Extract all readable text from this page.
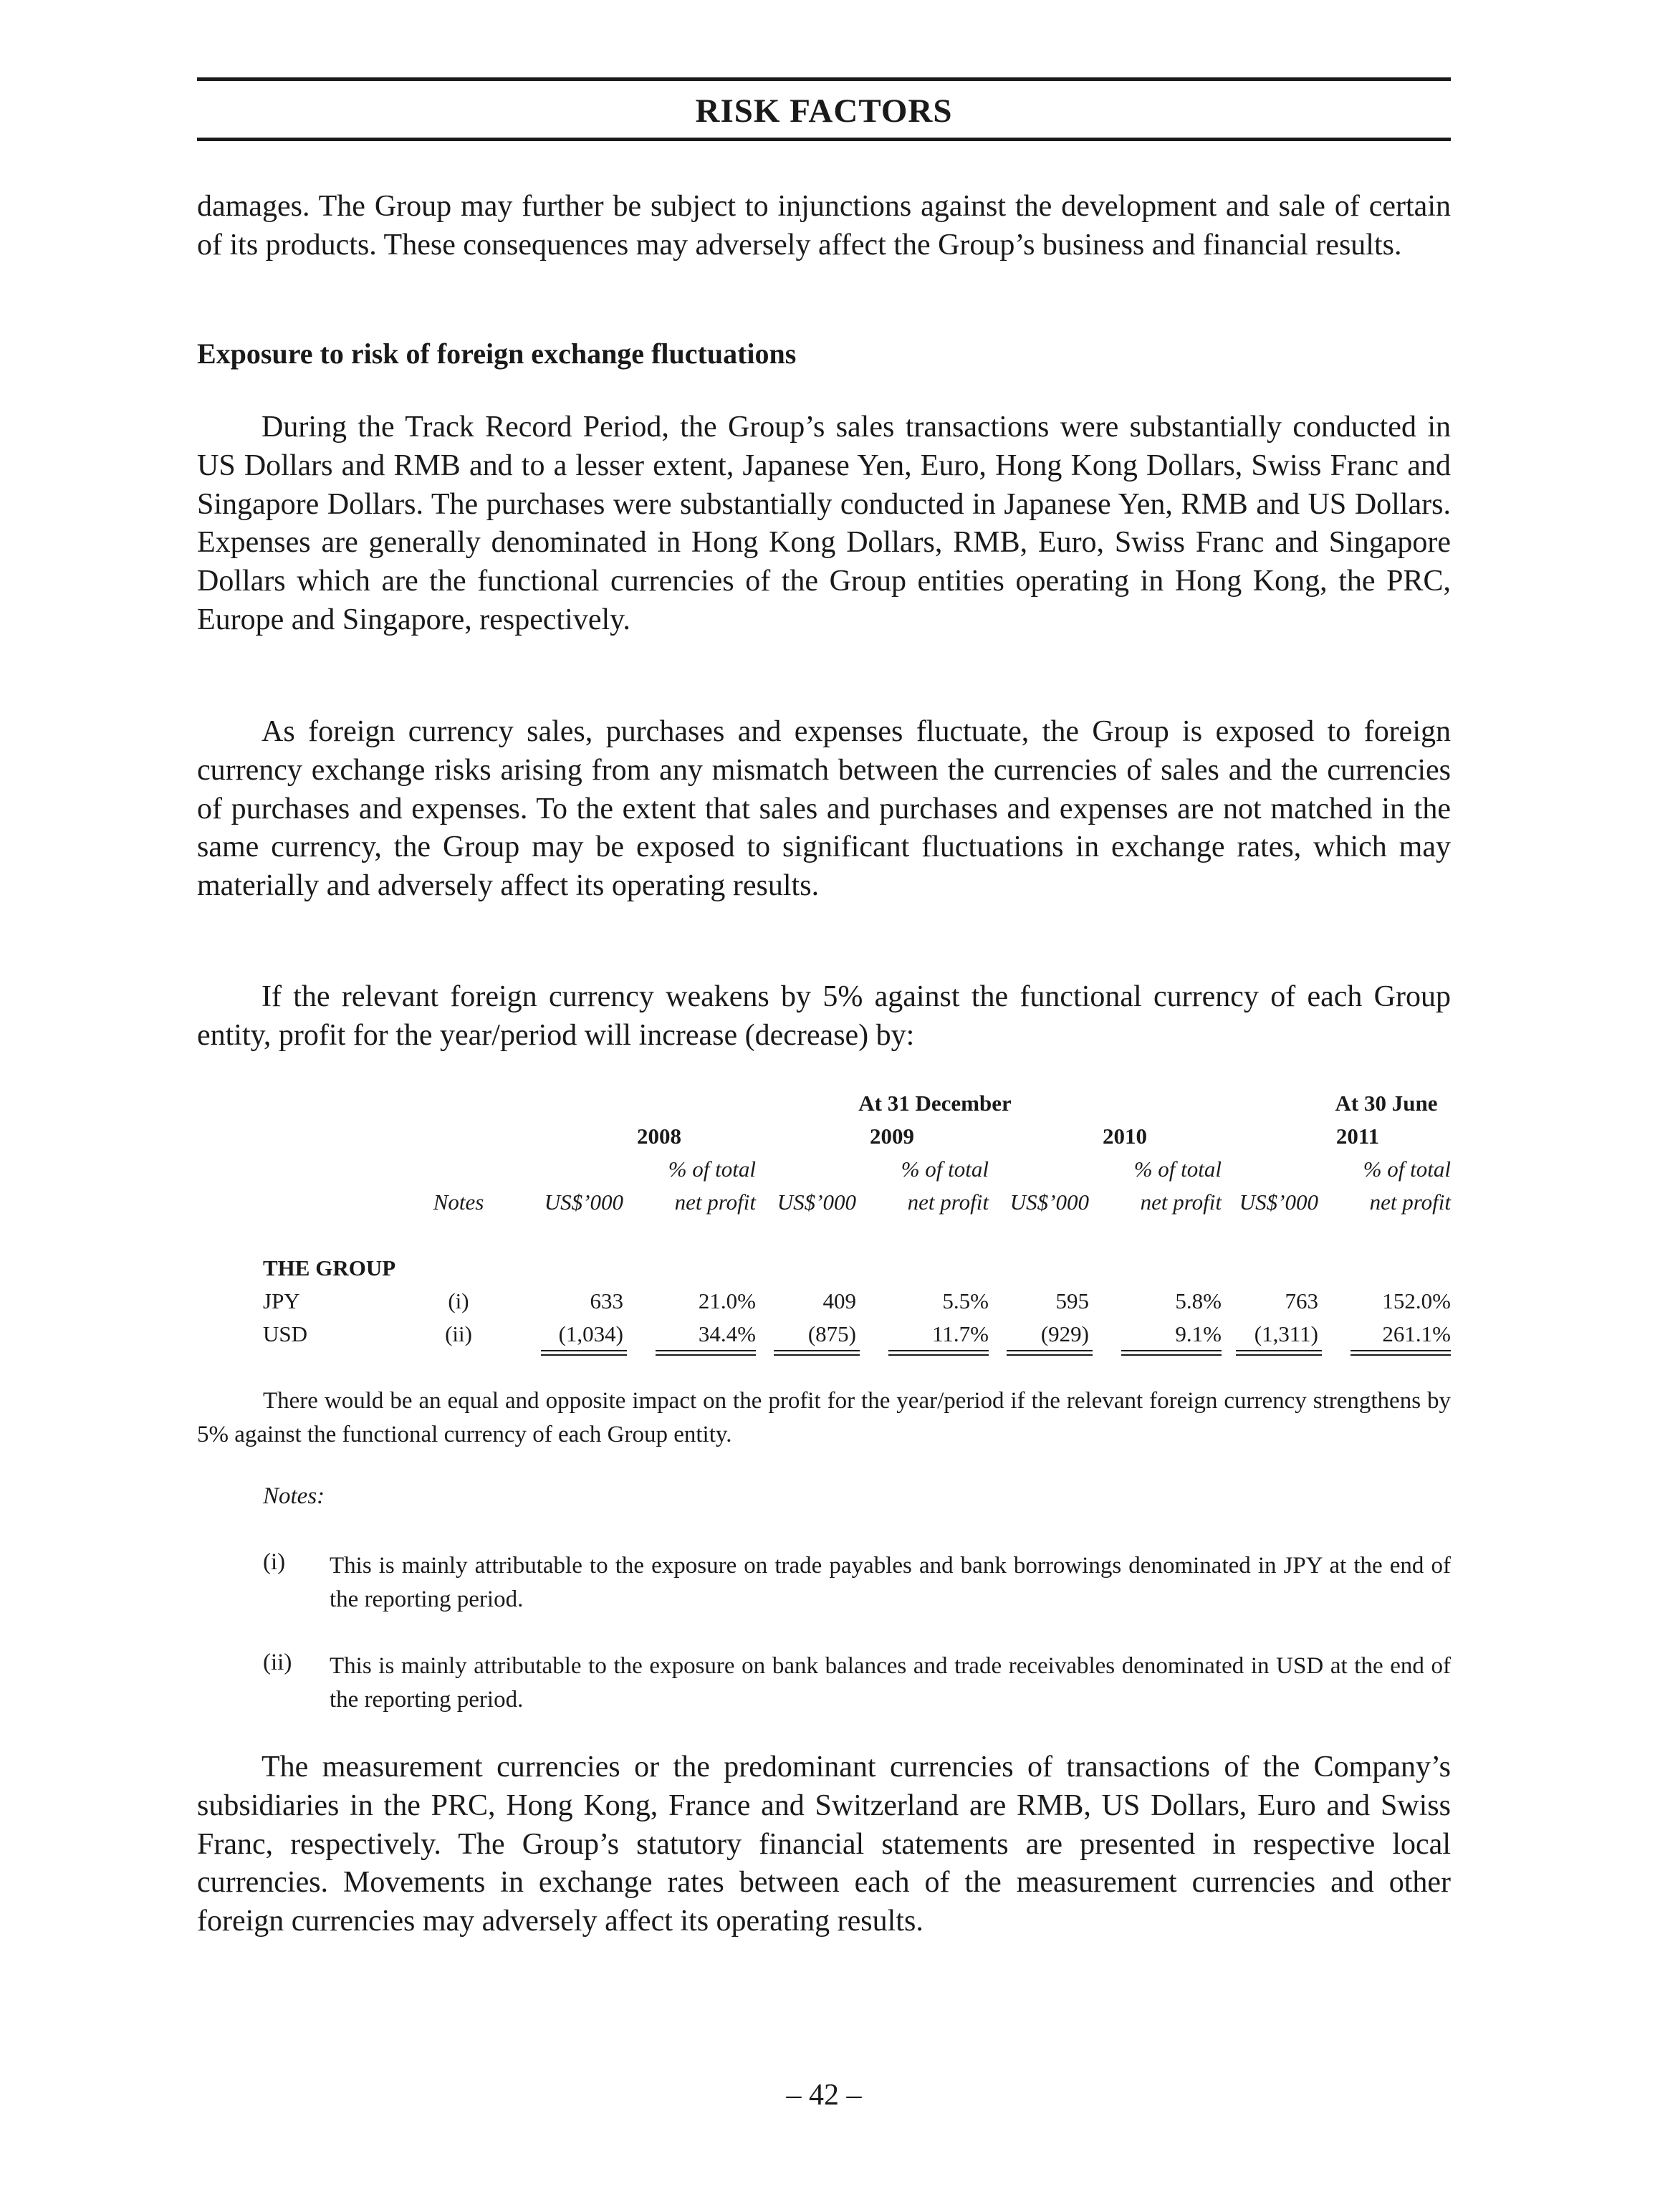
RISK FACTORS
damages. The Group may further be subject to injunctions against the development and sale of certain of its products. These consequences may adversely affect the Group’s business and financial results.
Exposure to risk of foreign exchange fluctuations
During the Track Record Period, the Group’s sales transactions were substantially conducted in US Dollars and RMB and to a lesser extent, Japanese Yen, Euro, Hong Kong Dollars, Swiss Franc and Singapore Dollars. The purchases were substantially conducted in Japanese Yen, RMB and US Dollars. Expenses are generally denominated in Hong Kong Dollars, RMB, Euro, Swiss Franc and Singapore Dollars which are the functional currencies of the Group entities operating in Hong Kong, the PRC, Europe and Singapore, respectively.
As foreign currency sales, purchases and expenses fluctuate, the Group is exposed to foreign currency exchange risks arising from any mismatch between the currencies of sales and the currencies of purchases and expenses. To the extent that sales and purchases and expenses are not matched in the same currency, the Group may be exposed to significant fluctuations in exchange rates, which may materially and adversely affect its operating results.
If the relevant foreign currency weakens by 5% against the functional currency of each Group entity, profit for the year/period will increase (decrease) by:
At 31 December	At 30 June
2008	2009	2010	2011
% of total	% of total	% of total	% of total
Notes	US$’000	net profit US$’000	net profit US$’000	net profit US$’000	net profit
THE GROUP
JPY	(i)	633	21.0%	409	5.5%	595	5.8%	763	152.0%
USD	(ii)	(1,034)	34.4%	(875)	11.7%	(929)	9.1%	(1,311)	261.1%
There would be an equal and opposite impact on the profit for the year/period if the relevant foreign currency strengthens by 5% against the functional currency of each Group entity.
Notes:
(i) This is mainly attributable to the exposure on trade payables and bank borrowings denominated in JPY at the end of the reporting period.
(ii) This is mainly attributable to the exposure on bank balances and trade receivables denominated in USD at the end of the reporting period.
The measurement currencies or the predominant currencies of transactions of the Company’s subsidiaries in the PRC, Hong Kong, France and Switzerland are RMB, US Dollars, Euro and Swiss Franc, respectively. The Group’s statutory financial statements are presented in respective local currencies. Movements in exchange rates between each of the measurement currencies and other foreign currencies may adversely affect its operating results.
– 42 –
